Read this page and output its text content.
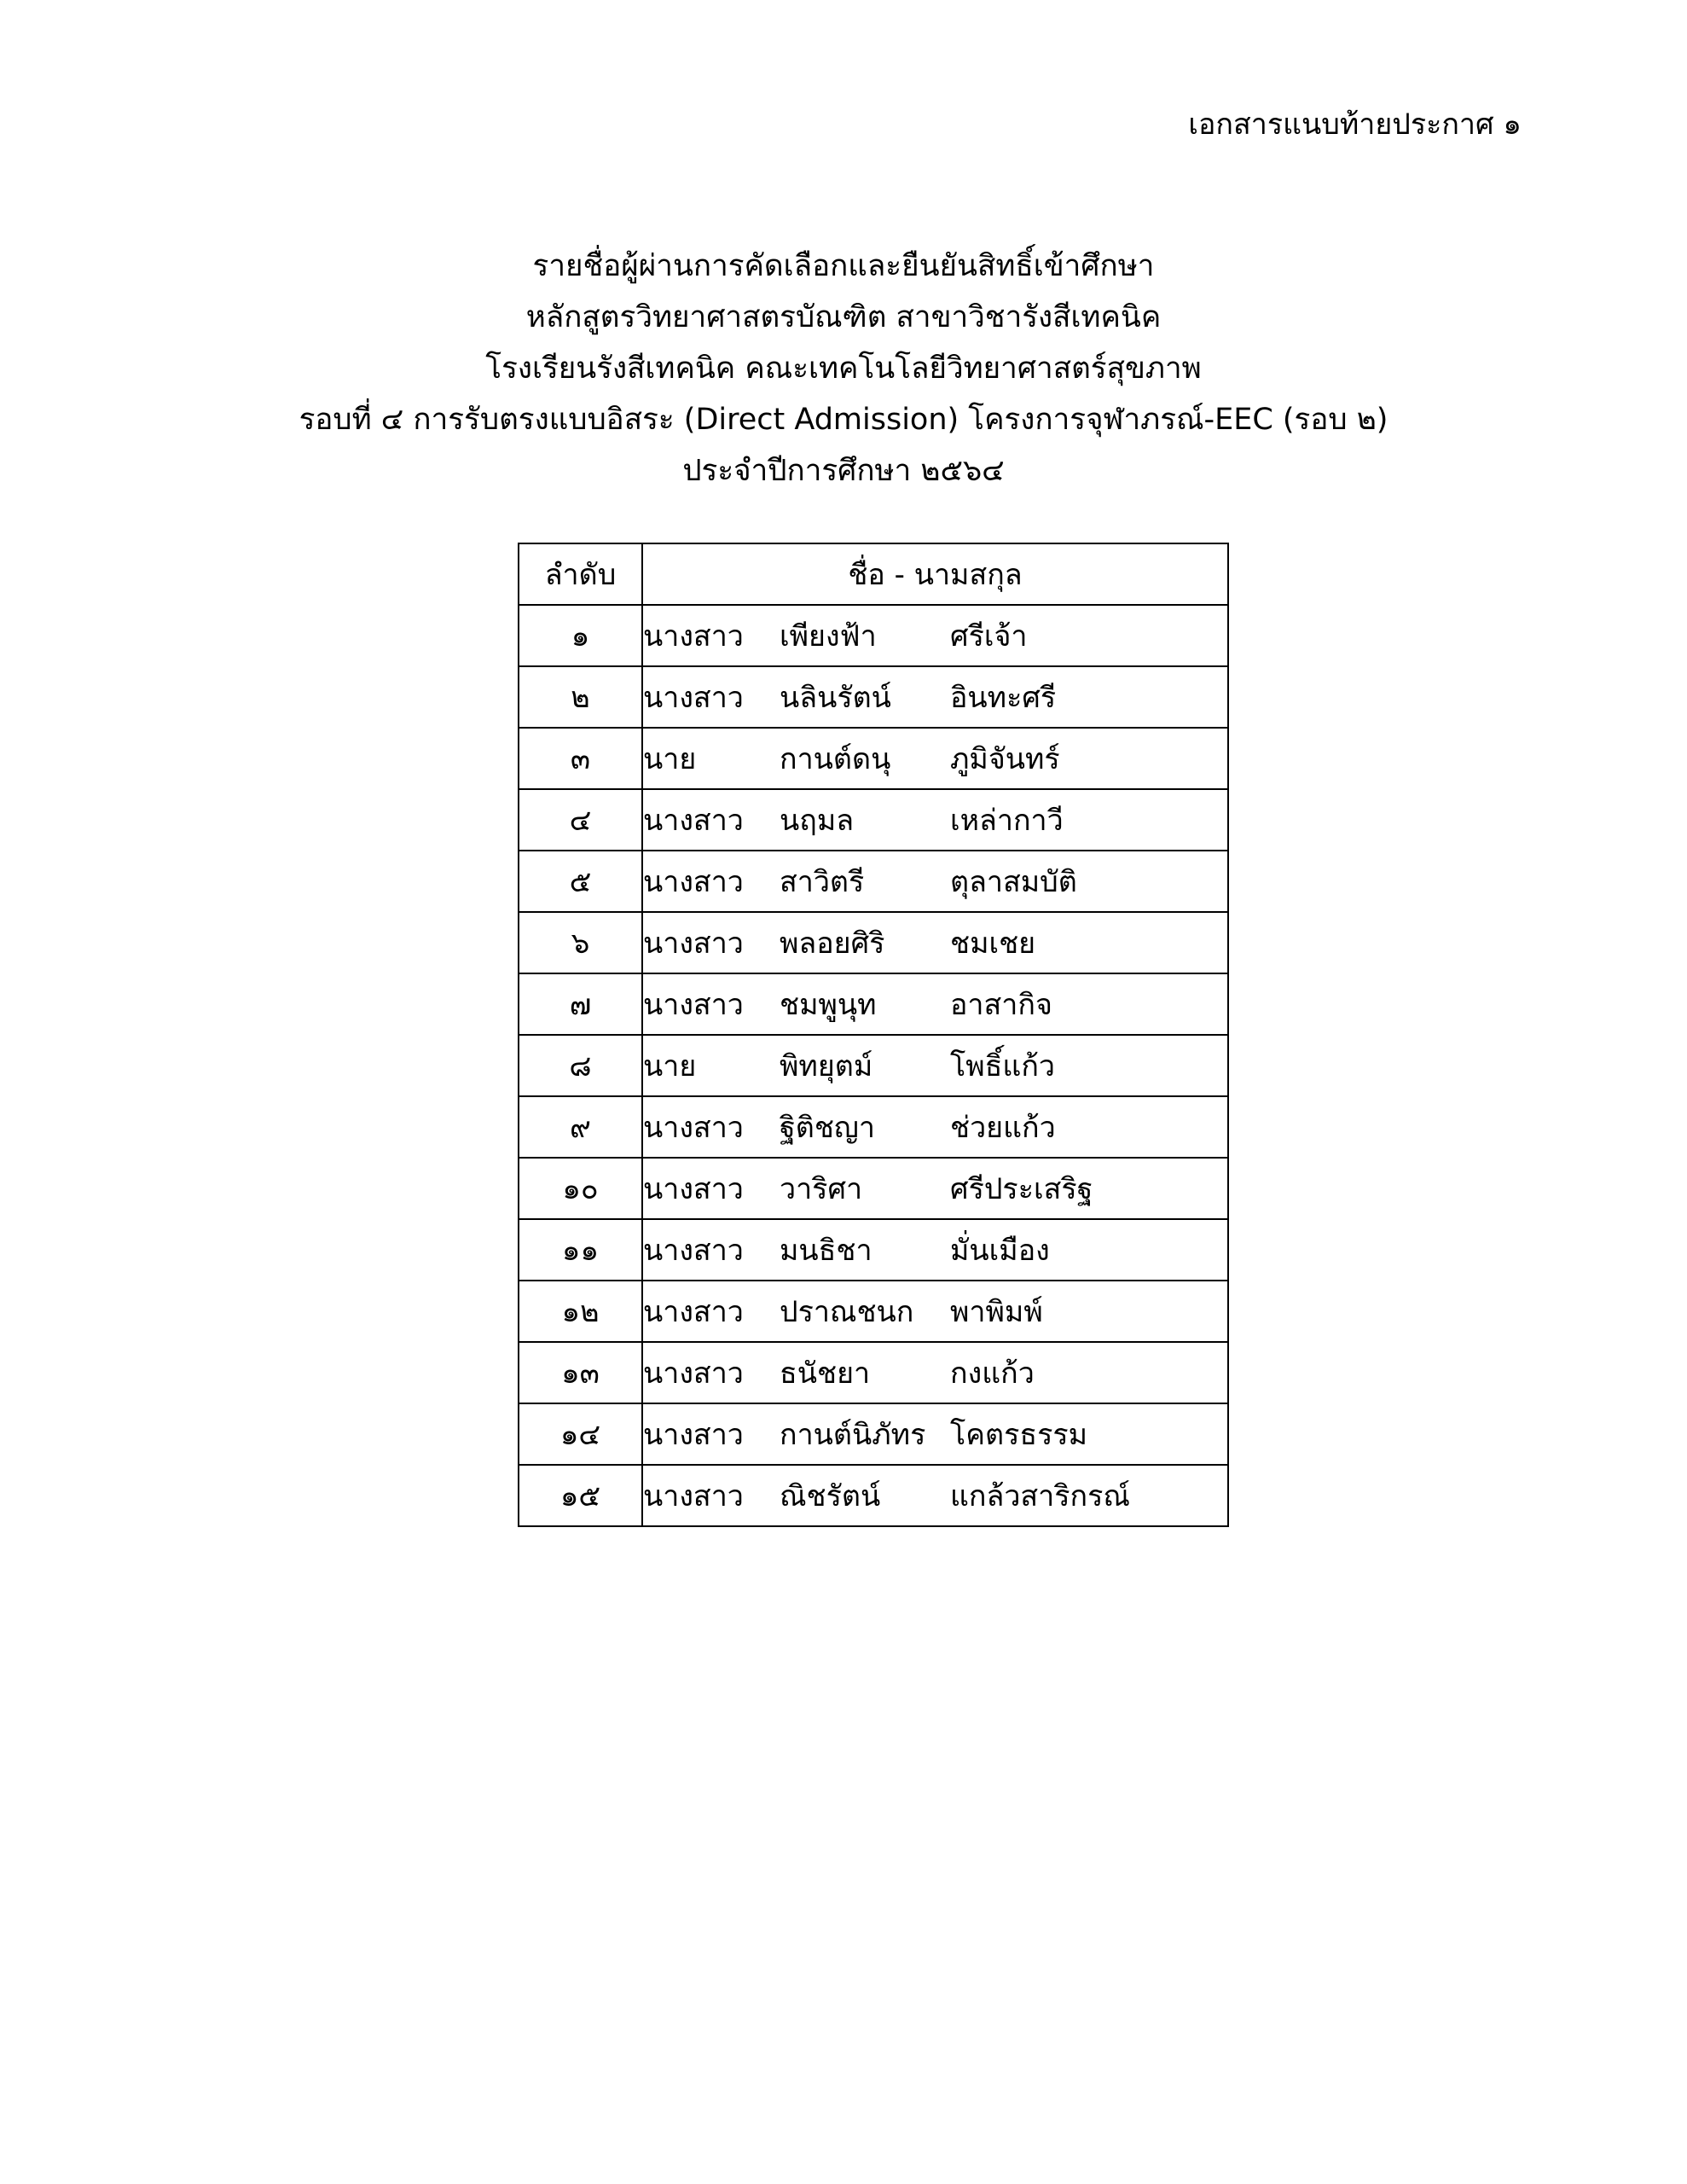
เอกสารแนบท้ายประกาศ ๑
รายชื่อผู้ผ่านการคัดเลือกและยืนยันสิทธิ์เข้าศึกษา
หลักสูตรวิทยาศาสตรบัณฑิต สาขาวิชารังสีเทคนิค
โรงเรียนรังสีเทคนิค คณะเทคโนโลยีวิทยาศาสตร์สุขภาพ
รอบที่ ๔ การรับตรงแบบอิสระ (Direct Admission) โครงการจุฬาภรณ์-EEC (รอบ ๒)
ประจำปีการศึกษา ๒๕๖๔
ลำดับ	ชื่อ - นามสกุล
๑	นางสาว เพียงฟ้า ศรีเจ้า
๒	นางสาว นลินรัตน์ อินทะศรี
๓	นาย กานต์ดนุ ภูมิจันทร์
๔	นางสาว นฤมล เหล่ากาวี
๕	นางสาว สาวิตรี ตุลาสมบัติ
๖	นางสาว พลอยศิริ ชมเชย
๗	นางสาว ชมพูนุท อาสากิจ
๘	นาย พิทยุตม์ โพธิ์แก้ว
๙	นางสาว ฐิติชญา ช่วยแก้ว
๑๐	นางสาว วาริศา ศรีประเสริฐ
๑๑	นางสาว มนธิชา มั่นเมือง
๑๒	นางสาว ปราณชนก พาพิมพ์
๑๓	นางสาว ธนัชยา กงแก้ว
๑๔	นางสาว กานต์นิภัทร โคตรธรรม
๑๕	นางสาว ณิชรัตน์ แกล้วสาริกรณ์
